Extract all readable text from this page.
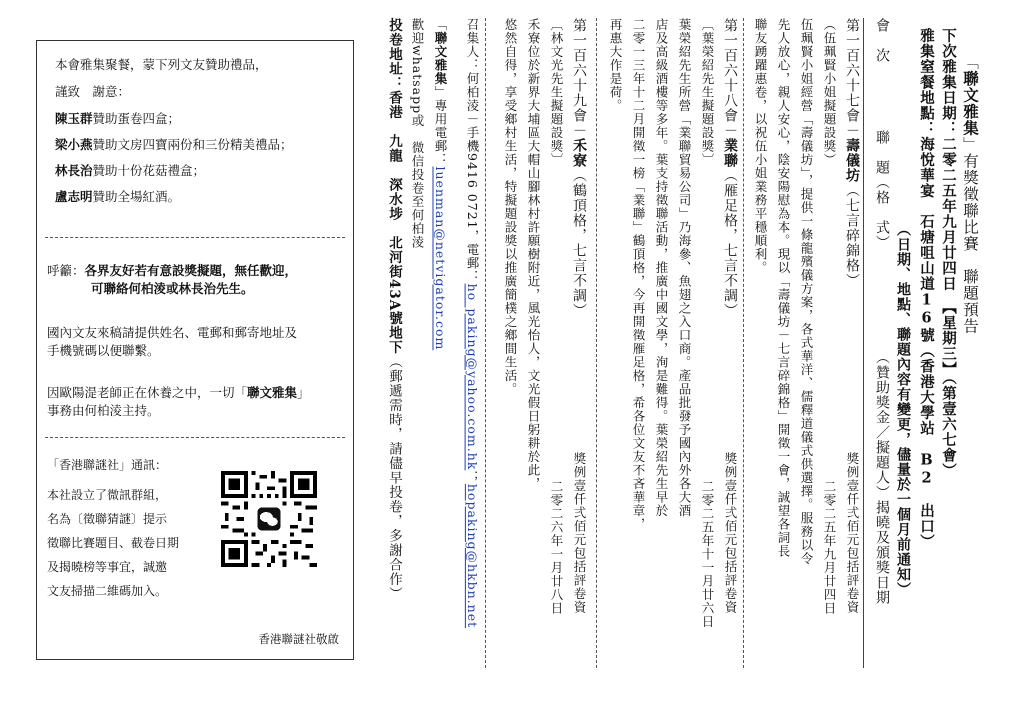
本會雅集聚餐，蒙下列文友贊助禮品，
謹致　謝意：
陳玉群贊助蛋卷四盒；
梁小燕贊助文房四寶兩份和三份精美禮品；
林長治贊助十份花菇禮盒；
盧志明贊助全場紅酒。
呼籲：各界友好若有意設獎擬題，無任歡迎，
可聯絡何柏淩或林長治先生。
國內文友來稿請提供姓名、電郵和郵寄地址及
手機號碼以便聯繫。
因歐陽湜老師正在休養之中，一切「聯文雅集」
事務由何柏淩主持。
「香港聯謎社」通訊：
本社設立了微訊群組，
名為〔徵聯猜謎〕提示
徵聯比賽題目、截卷日期
及揭曉榜等事宜，誠邀
文友掃描二維碼加入。
香港聯謎社敬啟
「聯文雅集」有獎徵聯比賽　聯題預告
下次雅集日期：二零二五年九月廿四日　【星期三】（第壹六七會）
雅集窒餐地點：海悅華宴　石塘咀山道16號（香港大學站　B2　出口）
（日期、地點、聯題內容有變更，儘量於一個月前通知）
會　次
聯　題（格　式）
（贊助獎金／擬題人）揭曉及頒獎日期
第一百六十七會－壽儀坊（七言碎錦格）
獎例壹仟弍佰元包括評卷資
二零二五年九月廿四日
（伍珮賢小姐擬題設獎）
伍珮賢小姐經營「壽儀坊」，提供一條龍殯儀方案，各式華洋、儒釋道儀式供選擇。服務以令
先人放心，親人安心，陰安陽慰為本。現以「壽儀坊－七言碎錦格」開徵一會，誠望各詞長
聯友踴躍惠卷，以祝伍小姐業務平穩順利。
第一百六十八會－業聯（雁足格，七言不調）
獎例壹仟弍佰元包括評卷資
二零二五年十一月廿六日
〔葉榮紹先生擬題設獎〕
葉榮紹先生所營「業聯貿易公司」乃海參、魚翅之入口商。產品批發予國內外各大酒
店及高級酒樓等多年。葉支持徵聯活動，推廣中國文學，洵是難得。葉榮紹先生早於
二零一三年十二月開徵一榜「業聯」鶴頂格，今再開徵雁足格，希各位文友不吝華章，
再惠大作是荷。
第一百六十九會－禾寮（鶴頂格，七言不調）
獎例壹仟弍佰元包括評卷資
二零二六年一月廿八日
〔林文光先生擬題設獎〕
禾寮位於新界大埔區大帽山腳林村許願樹附近，風光怡人，文光假日躬耕於此，
悠然自得，享受鄉村生活，特擬題設獎以推廣簡樸之鄉間生活。
召集人：何柏淩－手機9416 0721，電郵：ho_paking@yahoo.com.hk；hopaking@hkbn.net
「聯文雅集」專用電郵：luenman@netvigator.com
歡迎whatsapp或　微信投卷至何柏淩
投卷地址：香港　九龍　深水埗　北河街43A號地下（郵遞需時，請儘早投卷，多謝合作）
